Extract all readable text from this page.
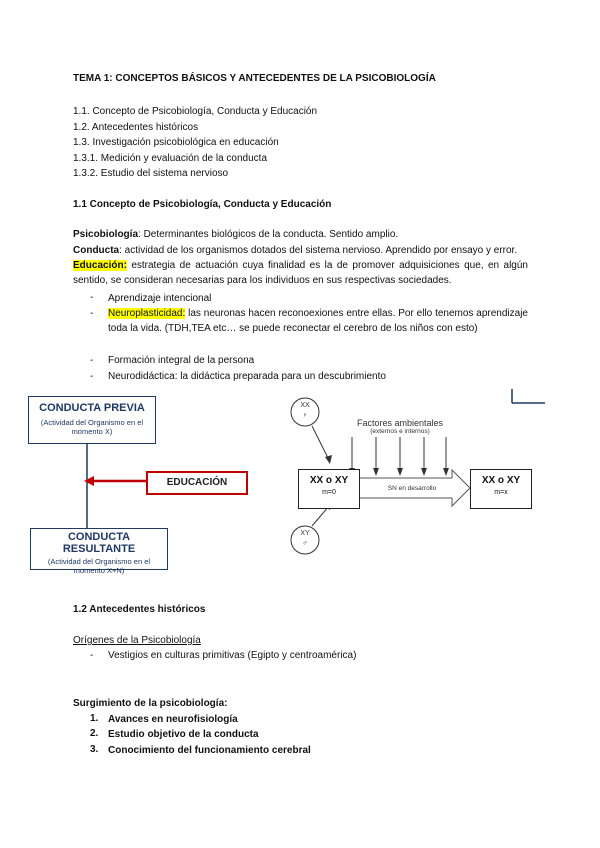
TEMA 1: CONCEPTOS BÁSICOS Y ANTECEDENTES DE LA PSICOBIOLOGÍA
1.1. Concepto de Psicobiología, Conducta y Educación
1.2. Antecedentes históricos
1.3. Investigación psicobiológica en educación
1.3.1. Medición y evaluación de la conducta
1.3.2. Estudio del sistema nervioso
1.1 Concepto de Psicobiología, Conducta y Educación
Psicobiología: Determinantes biológicos de la conducta. Sentido amplio.
Conducta: actividad de los organismos dotados del sistema nervioso. Aprendido por ensayo y error.
Educación: estrategia de actuación cuya finalidad es la de promover adquisiciones que, en algún sentido, se consideran necesarias para los individuos en sus respectivas sociedades.
- Aprendizaje intencional
- Neuroplasticidad: las neuronas hacen reconoexiones entre ellas. Por ello tenemos aprendizaje toda la vida. (TDH,TEA etc… se puede reconectar el cerebro de los niños con esto)
- Formación integral de la persona
- Neurodidáctica: la didáctica preparada para un descubrimiento
CONDUCTA PREVIA
(Actividad del Organismo en el momento X)
EDUCACIÓN
CONDUCTA RESULTANTE
(Actividad del Organismo en el momento X+N)
XX
♀
XY
♂
Factores ambientales
(externos e internos)
XX o XY
m=0
SN en desarrollo
XX o XY
m=x
1.2 Antecedentes históricos
Orígenes de la Psicobiología
- Vestigios en culturas primitivas (Egipto y centroamérica)
Surgimiento de la psicobiología:
1. Avances en neurofisiología
2. Estudio objetivo de la conducta
3. Conocimiento del funcionamiento cerebral
